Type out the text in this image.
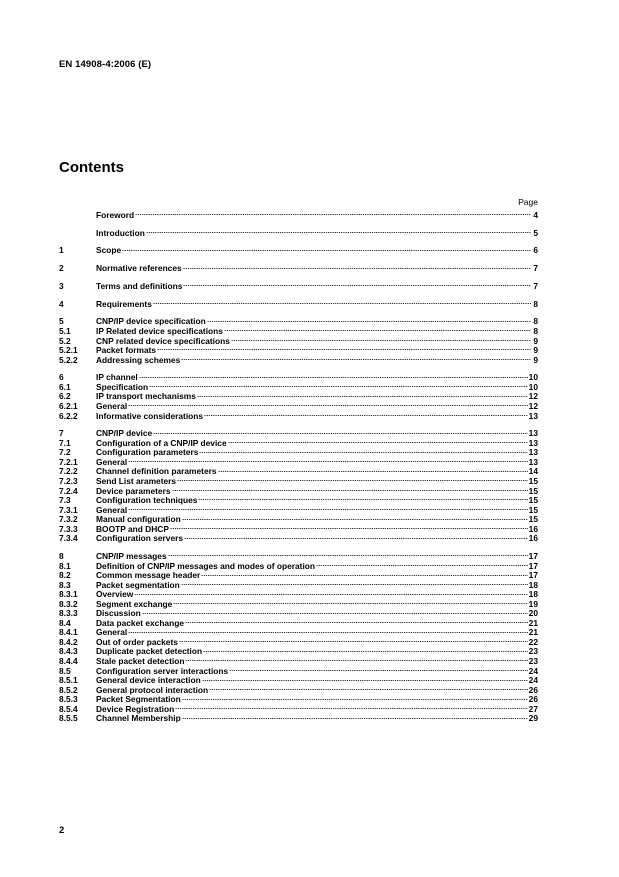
EN 14908-4:2006 (E)
Contents
Page
Foreword	4
Introduction	5
1	Scope	6
2	Normative references	7
3	Terms and definitions	7
4	Requirements	8
5	CNP/IP device specification	8
5.1	IP Related device specifications	8
5.2	CNP related device specifications	9
5.2.1	Packet formats	9
5.2.2	Addressing schemes	9
6	IP channel	10
6.1	Specification	10
6.2	IP transport mechanisms	12
6.2.1	General	12
6.2.2	Informative considerations	13
7	CNP/IP device	13
7.1	Configuration of a CNP/IP device	13
7.2	Configuration parameters	13
7.2.1	General	13
7.2.2	Channel definition parameters	14
7.2.3	Send List arameters	15
7.2.4	Device parameters	15
7.3	Configuration techniques	15
7.3.1	General	15
7.3.2	Manual configuration	15
7.3.3	BOOTP and DHCP	16
7.3.4	Configuration servers	16
8	CNP/IP messages	17
8.1	Definition of CNP/IP messages and modes of operation	17
8.2	Common message header	17
8.3	Packet segmentation	18
8.3.1	Overview	18
8.3.2	Segment exchange	19
8.3.3	Discussion	20
8.4	Data packet exchange	21
8.4.1	General	21
8.4.2	Out of order packets	22
8.4.3	Duplicate packet detection	23
8.4.4	Stale packet detection	23
8.5	Configuration server interactions	24
8.5.1	General device interaction	24
8.5.2	General protocol interaction	26
8.5.3	Packet Segmentation	26
8.5.4	Device Registration	27
8.5.5	Channel Membership	29
2
